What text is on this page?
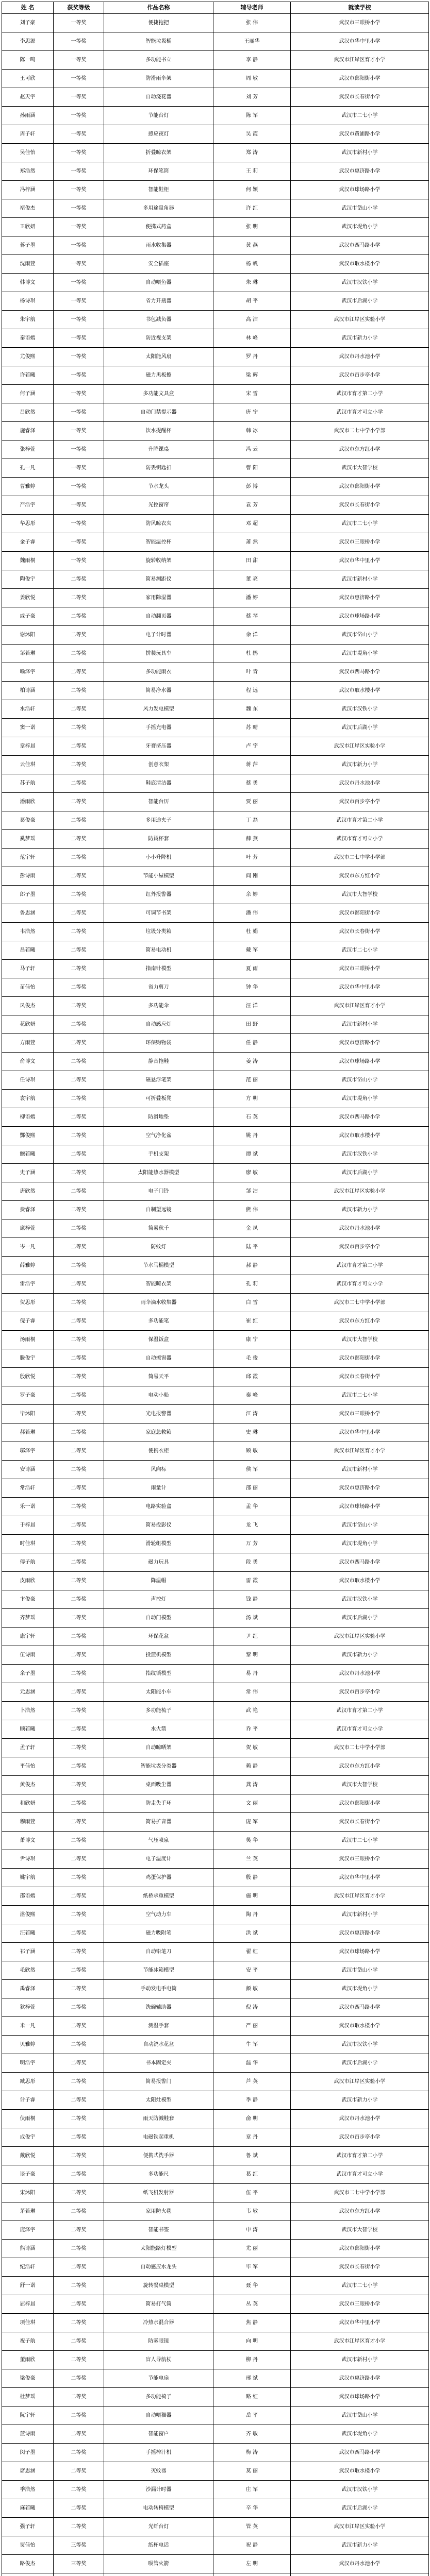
姓 名	获奖等级	作品名称	辅导老师	就读学校
刘子豪	一等奖	便捷拖把	张 伟	武汉市三眼桥小学
李思源	一等奖	智能垃圾桶	王丽华	武汉市华中里小学
陈一鸣	一等奖	多功能书立	李 静	武汉市江岸区育才小学
王可欣	一等奖	防滑雨伞架	周 敏	武汉市鄱阳街小学
赵天宇	一等奖	自动浇花器	刘 芳	武汉市长春街小学
孙雨涵	一等奖	节能台灯	陈 军	武汉市二七小学
周子轩	一等奖	感应夜灯	吴 霞	武汉市黄浦路小学
吴佳怡	一等奖	折叠晾衣架	郑 涛	武汉市新村小学
郑浩然	一等奖	环保笔筒	王 莉	武汉市惠济路小学
冯梓涵	一等奖	智能鞋柜	何 颖	武汉市球场路小学
褚俊杰	一等奖	多用途量角器	许 红	武汉市岱山小学
卫欣妍	一等奖	便携式药盒	张 明	武汉市堤角小学
蒋子墨	一等奖	雨水收集器	黄 燕	武汉市西马路小学
沈雨萱	一等奖	安全插座	杨 帆	武汉市取水楼小学
韩博文	一等奖	自动喂鱼器	朱 琳	武汉市汉铁小学
杨诗琪	一等奖	省力开瓶器	胡 平	武汉市后湖小学
朱宇航	一等奖	书包减负器	高 洁	武汉市江岸区实验小学
秦语嫣	一等奖	防近视支架	林 峰	武汉市新力小学
尤俊熙	一等奖	太阳能风扇	罗 丹	武汉市丹水池小学
许若曦	一等奖	磁力黑板擦	梁 辉	武汉市百步亭小学
何子涵	一等奖	多功能文具盒	宋 雪	武汉市育才第二小学
吕欣然	一等奖	自动门禁提示器	唐 宁	武汉市育才可立小学
施睿泽	一等奖	饮水提醒杯	韩 冰	武汉市二七中学小学部
张梓萱	一等奖	升降课桌	冯 云	武汉市东方红小学
孔一凡	一等奖	防丢钥匙扣	曹 阳	武汉市大智学校
曹雅婷	一等奖	节水龙头	彭 博	武汉市鄱阳街小学
严浩宇	一等奖	光控窗帘	袁 芳	武汉市长春街小学
华思彤	一等奖	防风晾衣夹	邓 超	武汉市二七小学
金子睿	一等奖	智能温控杯	萧 然	武汉市三眼桥小学
魏雨桐	一等奖	旋转收纳架	田 甜	武汉市华中里小学
陶俊宇	二等奖	简易测距仪	董 亮	武汉市新村小学
姜欣悦	二等奖	家用除湿器	潘 婷	武汉市惠济路小学
戚子豪	二等奖	自动翻页器	蔡 琴	武汉市球场路小学
谢沐阳	二等奖	电子计时器	余 洋	武汉市岱山小学
邹若琳	二等奖	拼装玩具车	杜 鹃	武汉市堤角小学
喻泽宇	二等奖	多功能雨衣	叶 青	武汉市西马路小学
柏诗涵	二等奖	简易净水器	程 远	武汉市取水楼小学
水浩轩	二等奖	风力发电模型	魏 东	武汉市汉铁小学
窦一诺	二等奖	手摇充电器	苏 晴	武汉市后湖小学
章梓晨	二等奖	牙膏挤压器	卢 宇	武汉市江岸区实验小学
云佳琪	二等奖	创意衣架	蒋 萍	武汉市新力小学
苏子航	二等奖	鞋底清洁器	蔡 勇	武汉市丹水池小学
潘雨欣	二等奖	智能台历	贾 丽	武汉市百步亭小学
葛俊豪	二等奖	多用途夹子	丁 磊	武汉市育才第二小学
奚梦瑶	二等奖	防烫杯套	薛 燕	武汉市育才可立小学
范宇轩	二等奖	小小升降机	叶 芳	武汉市二七中学小学部
彭诗雨	二等奖	节能小屋模型	阎 刚	武汉市东方红小学
郎子墨	二等奖	红外报警器	余 婷	武汉市大智学校
鲁思涵	二等奖	可调节书架	潘 伟	武汉市鄱阳街小学
韦浩然	二等奖	垃圾分类箱	杜 娟	武汉市长春街小学
昌若曦	二等奖	简易电动机	戴 军	武汉市二七小学
马子轩	二等奖	指南针模型	夏 雨	武汉市三眼桥小学
苗佳怡	二等奖	省力剪刀	钟 华	武汉市华中里小学
凤俊杰	二等奖	多功能伞	汪 洋	武汉市江岸区育才小学
花欣妍	二等奖	自动感应灯	田 野	武汉市新村小学
方雨萱	二等奖	环保购物袋	任 静	武汉市惠济路小学
俞博文	二等奖	静音拖鞋	姜 涛	武汉市球场路小学
任诗琪	二等奖	磁悬浮笔架	范 丽	武汉市岱山小学
袁宇航	二等奖	可折叠板凳	方 明	武汉市堤角小学
柳语嫣	二等奖	防滑地垫	石 英	武汉市西马路小学
酆俊熙	二等奖	空气净化盆	姚 丹	武汉市取水楼小学
鲍若曦	二等奖	手机支架	谭 斌	武汉市汉铁小学
史子涵	二等奖	太阳能热水器模型	廖 敏	武汉市后湖小学
唐欣然	二等奖	电子门铃	邹 洁	武汉市江岸区实验小学
费睿泽	二等奖	自制望远镜	熊 伟	武汉市新力小学
廉梓萱	二等奖	简易秋千	金 凤	武汉市丹水池小学
岑一凡	二等奖	防蚊灯	陆 平	武汉市百步亭小学
薛雅婷	二等奖	节水马桶模型	郝 静	武汉市育才第二小学
雷浩宇	二等奖	智能晾衣架	孔 莉	武汉市育才可立小学
贺思彤	二等奖	雨伞滴水收集器	白 雪	武汉市二七中学小学部
倪子睿	二等奖	多功能笔	崔 红	武汉市东方红小学
汤雨桐	二等奖	保温饭盒	康 宁	武汉市大智学校
滕俊宇	二等奖	自动擦窗器	毛 俊	武汉市鄱阳街小学
殷欣悦	二等奖	简易天平	邱 霞	武汉市长春街小学
罗子豪	二等奖	电动小船	秦 峰	武汉市二七小学
毕沐阳	二等奖	光电报警器	江 涛	武汉市三眼桥小学
郝若琳	二等奖	家庭急救箱	史 琳	武汉市华中里小学
邬泽宇	二等奖	便携衣柜	顾 敏	武汉市江岸区育才小学
安诗涵	二等奖	风向标	侯 军	武汉市新村小学
常浩轩	二等奖	雨量计	邵 丽	武汉市惠济路小学
乐一诺	二等奖	电路实验盒	孟 华	武汉市球场路小学
于梓晨	二等奖	简易投影仪	龙 飞	武汉市岱山小学
时佳琪	二等奖	滑轮组模型	万 芳	武汉市堤角小学
傅子航	二等奖	磁力玩具	段 勇	武汉市西马路小学
皮雨欣	二等奖	降温帽	雷 霞	武汉市取水楼小学
卞俊豪	二等奖	声控灯	钱 静	武汉市汉铁小学
齐梦瑶	二等奖	自动门模型	汤 斌	武汉市后湖小学
康宇轩	二等奖	环保花盆	尹 红	武汉市江岸区实验小学
伍诗雨	二等奖	投篮机模型	黎 明	武汉市新力小学
余子墨	二等奖	指纹锁模型	易 丹	武汉市丹水池小学
元思涵	二等奖	太阳能小车	常 伟	武汉市百步亭小学
卜浩然	二等奖	多功能梳子	武 艳	武汉市育才第二小学
顾若曦	二等奖	水火箭	乔 平	武汉市育才可立小学
孟子轩	二等奖	自动晾晒架	贺 敏	武汉市二七中学小学部
平佳怡	二等奖	智能垃圾分类器	赖 静	武汉市东方红小学
黄俊杰	二等奖	桌面吸尘器	龚 涛	武汉市大智学校
和欣妍	二等奖	防走失手环	文 丽	武汉市鄱阳街小学
穆雨萱	二等奖	简易扩音器	庞 军	武汉市长春街小学
萧博文	二等奖	气压喷泉	樊 华	武汉市二七小学
尹诗琪	二等奖	电子温度计	兰 英	武汉市三眼桥小学
姚宇航	二等奖	鸡蛋保护器	殷 静	武汉市华中里小学
邵语嫣	二等奖	纸桥承重模型	施 明	武汉市江岸区育才小学
湛俊熙	二等奖	空气动力车	陶 丹	武汉市新村小学
汪若曦	二等奖	磁力吸附笔	洪 斌	武汉市惠济路小学
祁子涵	二等奖	自动铅笔刀	翟 红	武汉市球场路小学
毛欣然	二等奖	节能冰箱模型	安 平	武汉市岱山小学
禹睿泽	二等奖	手动发电手电筒	颜 敏	武汉市堤角小学
狄梓萱	二等奖	洗碗辅助器	倪 涛	武汉市西马路小学
米一凡	二等奖	测温手套	严 丽	武汉市取水楼小学
贝雅婷	二等奖	自动浇水花盆	牛 军	武汉市汉铁小学
明浩宇	二等奖	书本固定夹	温 华	武汉市后湖小学
臧思彤	二等奖	简易报警门	芦 英	武汉市江岸区实验小学
计子睿	二等奖	太阳灶模型	季 静	武汉市新力小学
伏雨桐	二等奖	雨天防溅鞋套	俞 明	武汉市丹水池小学
成俊宇	二等奖	电磁铁起重机	章 丹	武汉市百步亭小学
戴欣悦	二等奖	便携式洗手器	鲁 斌	武汉市育才第二小学
谈子豪	二等奖	多功能尺	葛 红	武汉市育才可立小学
宋沐阳	二等奖	纸飞机发射器	伍 平	武汉市二七中学小学部
茅若琳	二等奖	家用防火毯	韦 敏	武汉市东方红小学
庞泽宇	二等奖	智能书签	申 涛	武汉市大智学校
熊诗涵	二等奖	太阳能路灯模型	尤 丽	武汉市鄱阳街小学
纪浩轩	二等奖	自动感应水龙头	毕 军	武汉市长春街小学
舒一诺	二等奖	旋转餐桌模型	聂 华	武汉市二七小学
屈梓晨	二等奖	简易打气筒	丛 英	武汉市三眼桥小学
项佳琪	二等奖	冷热水混合器	焦 静	武汉市华中里小学
祝子航	二等奖	防雾眼镜	向 明	武汉市江岸区育才小学
董雨欣	二等奖	盲人导航杖	柳 丹	武汉市新村小学
梁俊豪	二等奖	节能电扇	邢 斌	武汉市惠济路小学
杜梦瑶	二等奖	多功能椅子	路 红	武汉市球场路小学
阮宇轩	二等奖	自动喂猫器	岳 平	武汉市岱山小学
蓝诗雨	二等奖	智能窗户	齐 敏	武汉市堤角小学
闵子墨	二等奖	手摇榨汁机	梅 涛	武汉市西马路小学
席思涵	二等奖	灭蚊器	莫 丽	武汉市取水楼小学
季浩然	二等奖	沙漏计时器	庄 军	武汉市汉铁小学
麻若曦	二等奖	电动转椅模型	辛 华	武汉市后湖小学
强子轩	二等奖	光纤台灯	管 英	武汉市江岸区实验小学
贾佳怡	三等奖	纸杯电话	祝 静	武汉市新力小学
路俊杰	三等奖	吸管火箭	左 明	武汉市丹水池小学
